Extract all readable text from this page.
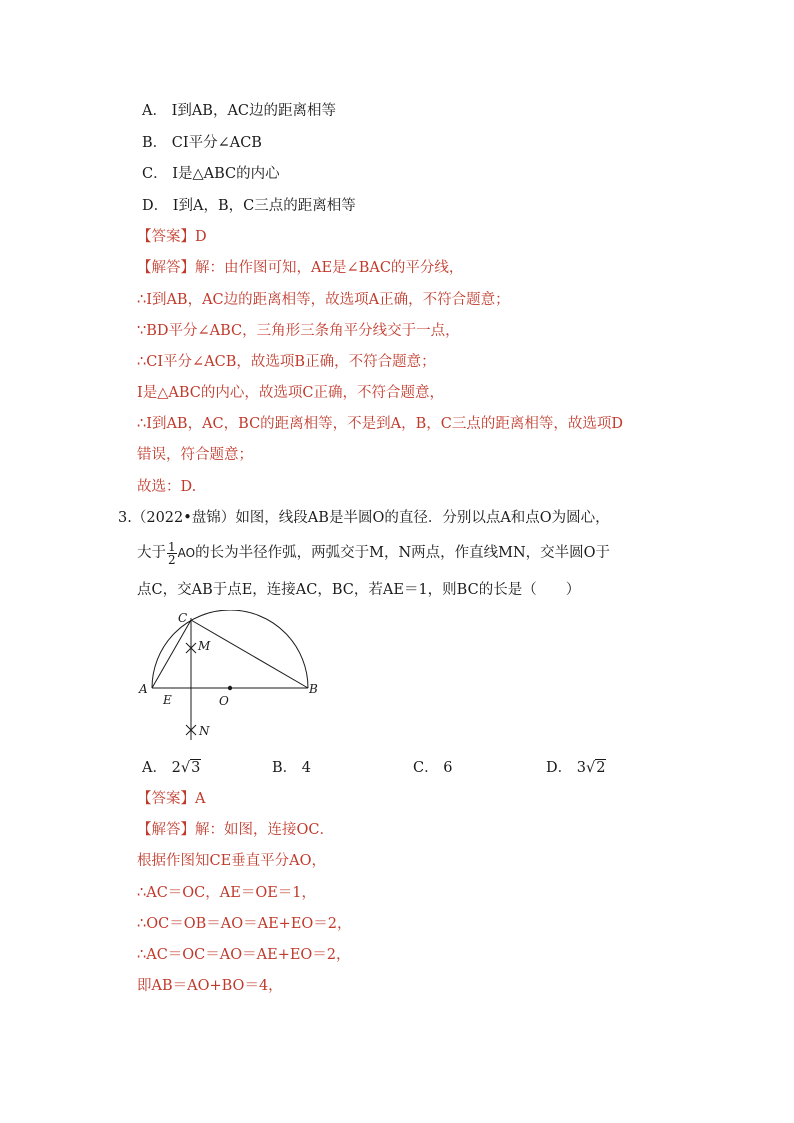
A． I到AB，AC边的距离相等
B． CI平分∠ACB
C． I是△ABC的内心
D． I到A，B，C三点的距离相等
【答案】D
【解答】解：由作图可知，AE是∠BAC的平分线，
∴I到AB，AC边的距离相等，故选项A正确，不符合题意；
∵BD平分∠ABC，三角形三条角平分线交于一点，
∴CI平分∠ACB，故选项B正确，不符合题意；
I是△ABC的内心，故选项C正确，不符合题意，
∴I到AB，AC，BC的距离相等，不是到A，B，C三点的距离相等，故选项D
错误，符合题意；
故选：D.
3.（2022•盘锦）如图，线段AB是半圆O的直径．分别以点A和点O为圆心，
大于 $\frac{1}{2}$ AO的长为半径作弧，两弧交于M，N两点，作直线MN，交半圆O于
点C，交AB于点E，连接AC，BC，若AE＝1，则BC的长是（　　）
C
M
A
E	O
B
N
A． 2√3	B． 4	C． 6	D． 3√2
【答案】A
【解答】解：如图，连接OC．
根据作图知CE垂直平分AO，
∴AC＝OC，AE＝OE＝1，
∴OC＝OB＝AO＝AE+EO＝2，
∴AC＝OC＝AO＝AE+EO＝2，
即AB＝AO+BO＝4，
